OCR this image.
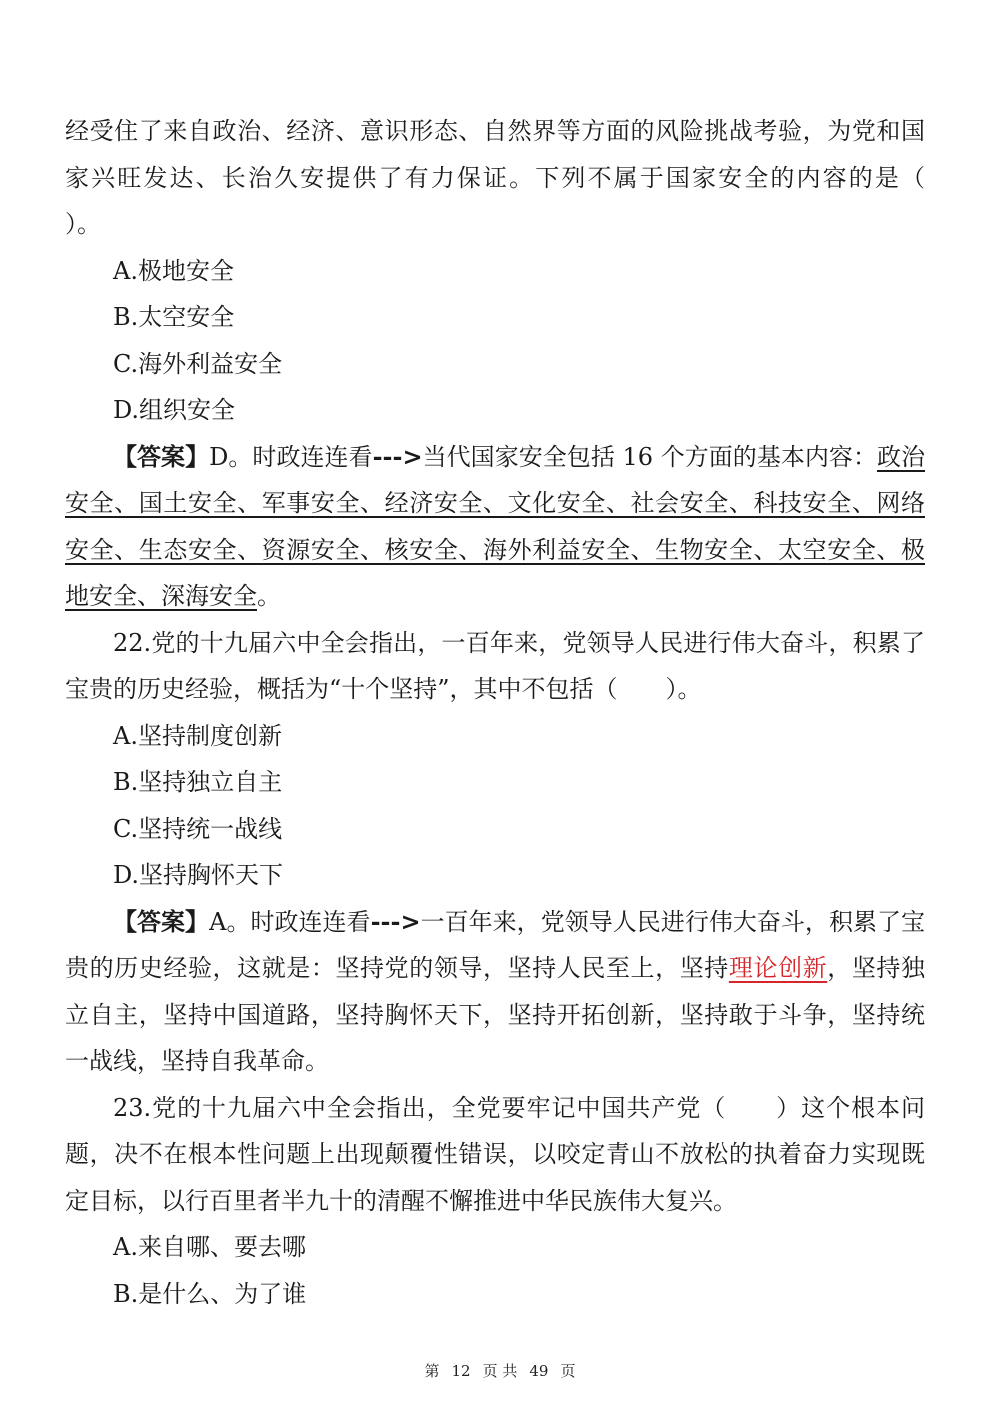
经受住了来自政治、经济、意识形态、自然界等方面的风险挑战考验，为党和国家兴旺发达、长治久安提供了有力保证。下列不属于国家安全的内容的是（　　）。

A.极地安全

B.太空安全

C.海外利益安全

D.组织安全

【答案】D。时政连连看--->当代国家安全包括 16 个方面的基本内容：政治安全、国土安全、军事安全、经济安全、文化安全、社会安全、科技安全、网络安全、生态安全、资源安全、核安全、海外利益安全、生物安全、太空安全、极地安全、深海安全。

22.党的十九届六中全会指出，一百年来，党领导人民进行伟大奋斗，积累了宝贵的历史经验，概括为“十个坚持”，其中不包括（　　）。

A.坚持制度创新

B.坚持独立自主

C.坚持统一战线

D.坚持胸怀天下

【答案】A。时政连连看--->一百年来，党领导人民进行伟大奋斗，积累了宝贵的历史经验，这就是：坚持党的领导，坚持人民至上，坚持理论创新，坚持独立自主，坚持中国道路，坚持胸怀天下，坚持开拓创新，坚持敢于斗争，坚持统一战线，坚持自我革命。

23.党的十九届六中全会指出，全党要牢记中国共产党（　　）这个根本问题，决不在根本性问题上出现颠覆性错误，以咬定青山不放松的执着奋力实现既定目标，以行百里者半九十的清醒不懈推进中华民族伟大复兴。

A.来自哪、要去哪

B.是什么、为了谁

第 12 页 共 49 页
